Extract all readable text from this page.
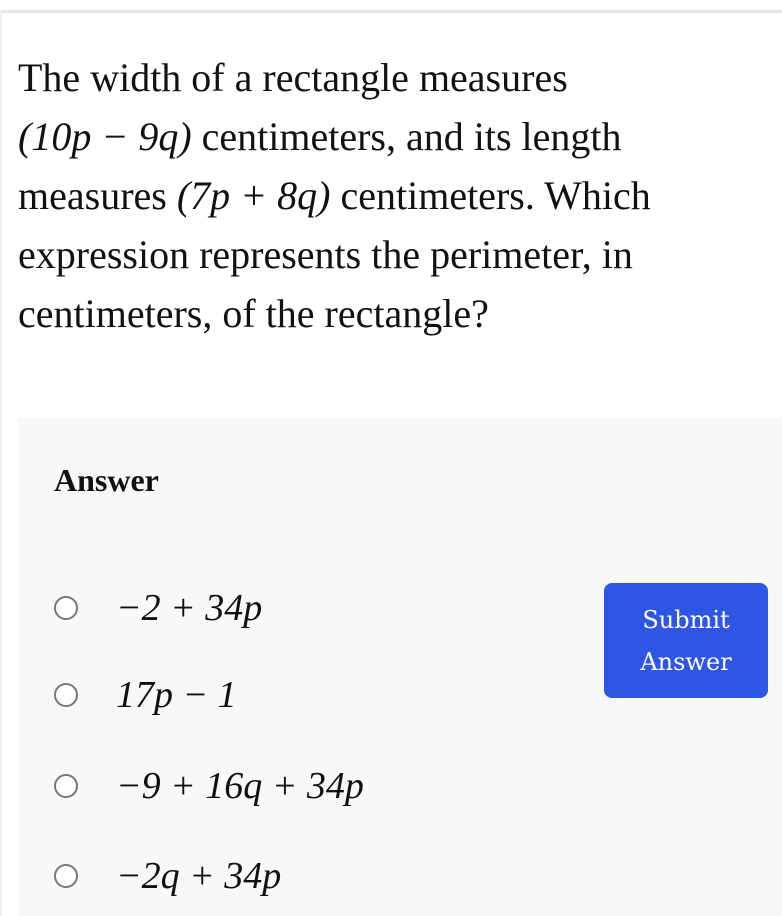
The width of a rectangle measures
(10p − 9q) centimeters, and its length
measures (7p + 8q) centimeters. Which
expression represents the perimeter, in
centimeters, of the rectangle?
Answer
−2 + 34p
17p − 1
−9 + 16q + 34p
−2q + 34p
Submit
Answer
